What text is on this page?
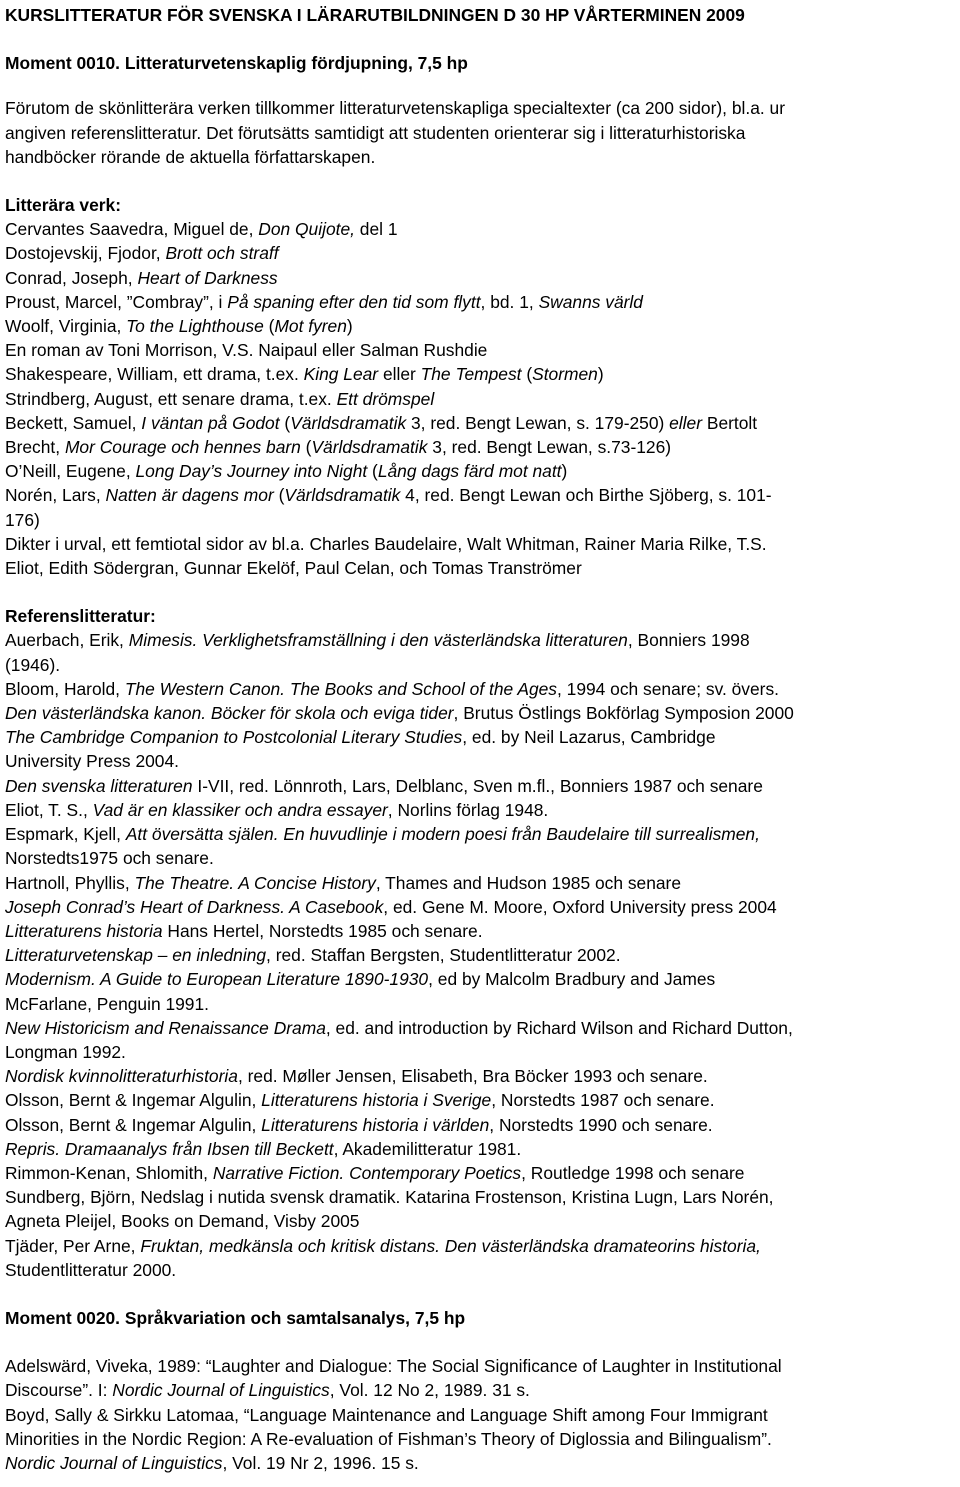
KURSLITTERATUR FÖR SVENSKA I LÄRARUTBILDNINGEN D 30 HP VÅRTERMINEN 2009

Moment 0010. Litteraturvetenskaplig fördjupning, 7,5 hp

Förutom de skönlitterära verken tillkommer litteraturvetenskapliga specialtexter (ca 200 sidor), bl.a. ur

angiven referenslitteratur. Det förutsätts samtidigt att studenten orienterar sig i litteraturhistoriska

handböcker rörande de aktuella författarskapen.

Litterära verk:

Cervantes Saavedra, Miguel de, Don Quijote, del 1

Dostojevskij, Fjodor, Brott och straff

Conrad, Joseph, Heart of Darkness

Proust, Marcel, ”Combray”, i På spaning efter den tid som flytt, bd. 1, Swanns värld

Woolf, Virginia, To the Lighthouse (Mot fyren)

En roman av Toni Morrison, V.S. Naipaul eller Salman Rushdie

Shakespeare, William, ett drama, t.ex. King Lear eller The Tempest (Stormen)

Strindberg, August, ett senare drama, t.ex. Ett drömspel

Beckett, Samuel, I väntan på Godot (Världsdramatik 3, red. Bengt Lewan, s. 179-250) eller Bertolt

Brecht, Mor Courage och hennes barn (Världsdramatik 3, red. Bengt Lewan, s.73-126)

O’Neill, Eugene, Long Day’s Journey into Night (Lång dags färd mot natt)

Norén, Lars, Natten är dagens mor (Världsdramatik 4, red. Bengt Lewan och Birthe Sjöberg, s. 101-

176)

Dikter i urval, ett femtiotal sidor av bl.a. Charles Baudelaire, Walt Whitman, Rainer Maria Rilke, T.S.

Eliot, Edith Södergran, Gunnar Ekelöf, Paul Celan, och Tomas Tranströmer

Referenslitteratur:

Auerbach, Erik, Mimesis. Verklighetsframställning i den västerländska litteraturen, Bonniers 1998

(1946).

Bloom, Harold, The Western Canon. The Books and School of the Ages, 1994 och senare; sv. övers.

Den västerländska kanon. Böcker för skola och eviga tider, Brutus Östlings Bokförlag Symposion 2000

The Cambridge Companion to Postcolonial Literary Studies, ed. by Neil Lazarus, Cambridge

University Press 2004.

Den svenska litteraturen I-VII, red. Lönnroth, Lars, Delblanc, Sven m.fl., Bonniers 1987 och senare

Eliot, T. S., Vad är en klassiker och andra essayer, Norlins förlag 1948.

Espmark, Kjell, Att översätta själen. En huvudlinje i modern poesi från Baudelaire till surrealismen,

Norstedts1975 och senare.

Hartnoll, Phyllis, The Theatre. A Concise History, Thames and Hudson 1985 och senare

Joseph Conrad’s Heart of Darkness. A Casebook, ed. Gene M. Moore, Oxford University press 2004

Litteraturens historia Hans Hertel, Norstedts 1985 och senare.

Litteraturvetenskap – en inledning, red. Staffan Bergsten, Studentlitteratur 2002.

Modernism. A Guide to European Literature 1890-1930, ed by Malcolm Bradbury and James

McFarlane, Penguin 1991.

New Historicism and Renaissance Drama, ed. and introduction by Richard Wilson and Richard Dutton,

Longman 1992.

Nordisk kvinnolitteraturhistoria, red. Møller Jensen, Elisabeth, Bra Böcker 1993 och senare.

Olsson, Bernt & Ingemar Algulin, Litteraturens historia i Sverige, Norstedts 1987 och senare.

Olsson, Bernt & Ingemar Algulin, Litteraturens historia i världen, Norstedts 1990 och senare.

Repris. Dramaanalys från Ibsen till Beckett, Akademilitteratur 1981.

Rimmon-Kenan, Shlomith, Narrative Fiction. Contemporary Poetics, Routledge 1998 och senare

Sundberg, Björn, Nedslag i nutida svensk dramatik. Katarina Frostenson, Kristina Lugn, Lars Norén,

Agneta Pleijel, Books on Demand, Visby 2005

Tjäder, Per Arne, Fruktan, medkänsla och kritisk distans. Den västerländska dramateorins historia,

Studentlitteratur 2000.

Moment 0020. Språkvariation och samtalsanalys, 7,5 hp

Adelswärd, Viveka, 1989: “Laughter and Dialogue: The Social Significance of Laughter in Institutional

Discourse”. I: Nordic Journal of Linguistics, Vol. 12 No 2, 1989. 31 s.

Boyd, Sally & Sirkku Latomaa, “Language Maintenance and Language Shift among Four Immigrant

Minorities in the Nordic Region: A Re-evaluation of Fishman’s Theory of Diglossia and Bilingualism”.

Nordic Journal of Linguistics, Vol. 19 Nr 2, 1996. 15 s.
